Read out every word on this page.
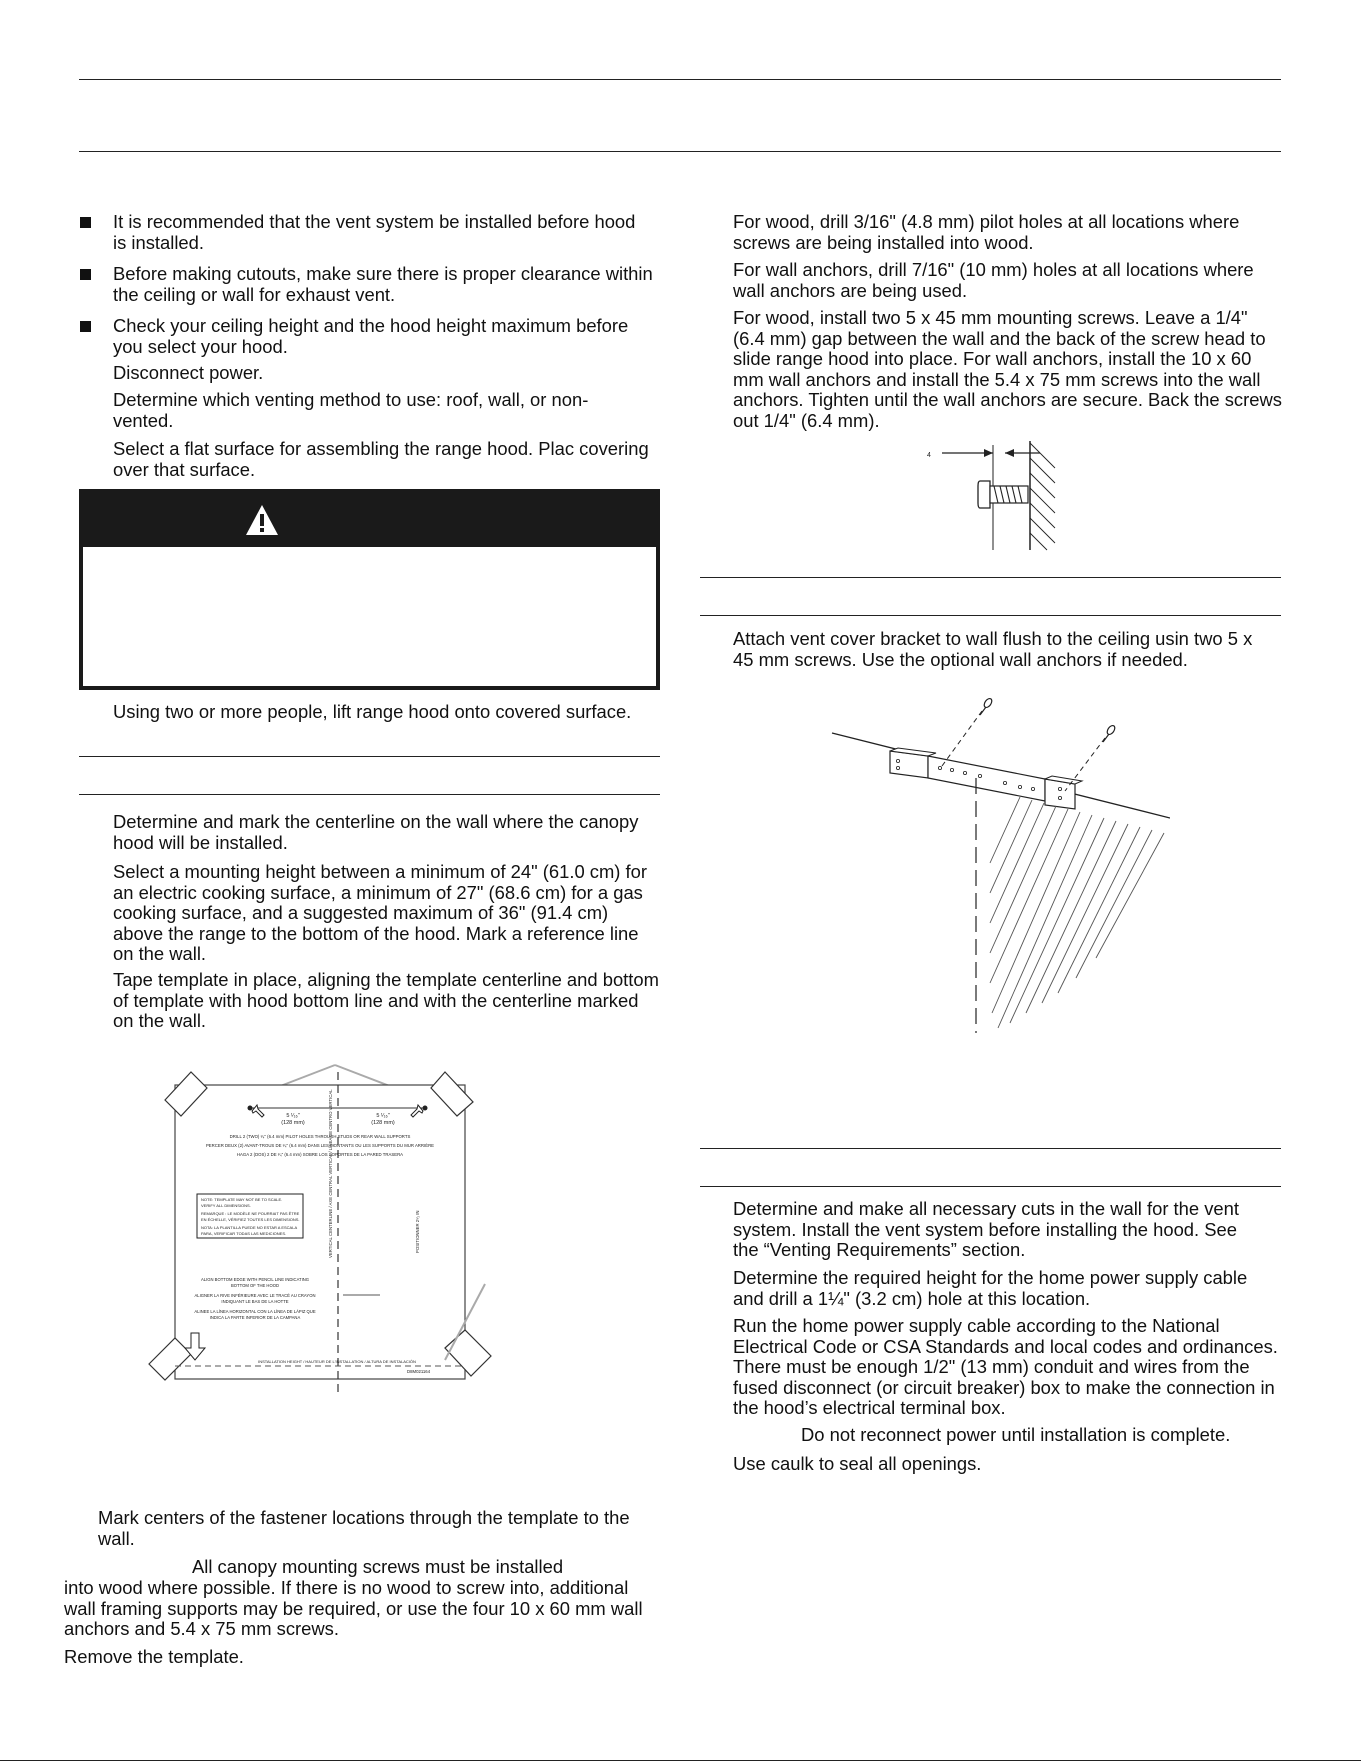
It is recommended that the vent system be installed before hood is installed.

Before making cutouts, make sure there is proper clearance within the ceiling or wall for exhaust vent.

Check your ceiling height and the hood height maximum before you select your hood.

Disconnect power.

Determine which venting method to use: roof, wall, or non-vented.

Select a flat surface for assembling the range hood. Plac covering over that surface.

Using two or more people, lift range hood onto covered surface.

Determine and mark the centerline on the wall where the canopy hood will be installed.

Select a mounting height between a minimum of 24" (61.0 cm) for an electric cooking surface, a minimum of 27" (68.6 cm) for a gas cooking surface, and a suggested maximum of 36" (91.4 cm) above the range to the bottom of the hood. Mark a reference line on the wall.

Tape template in place, aligning the template centerline and bottom of template with hood bottom line and with the centerline marked on the wall.

5 ¹⁄₁₆"
(128 mm)
5 ¹⁄₁₆"
(128 mm)
DRILL 2 (TWO) ¹⁄₄" (6.4 mm) PILOT HOLES THROUGH STUDS OR REAR WALL SUPPORTS
PERCER DEUX (2) AVANT-TROUS DE ¹⁄₄" (6.4 mm) DANS LES MONTANTS OU LES SUPPORTS DU MUR ARRIÈRE
HAGA 2 (DOS) 2 DE ¹⁄₄" (6.4 mm) SOBRE LOS SOPORTES DE LA PARED TRASERA
NOTE: TEMPLATE MAY NOT BE TO SCALE.
VERIFY ALL DIMENSIONS.
REMARQUE : LE MODÈLE NE POURRAIT PAS ÊTRE
EN ÉCHELLE, VÉRIFIEZ TOUTES LES DIMENSIONS.
NOTA: LA PLANTILLA PUEDE NO ESTAR A ESCALA
PARA, VERIFICAR TODAS LAS MEDICIONES.	VERTICAL CENTERLINE / AXE CENTRAL VERTICAL / LÍNEA DE CENTRO VERTICAL	POSITIONNER 2¹⁄₂ IN
ALIGN BOTTOM EDGE WITH PENCIL LINE INDICATING
BOTTOM OF THE HOOD
ALIGNER LA RIVE INFÉRIEURE AVEC LE TRACÉ AU CRAYON
INDIQUANT LE BAS DE LA HOTTE
ALINEE LA LÍNEA HORIZONTAL CON LA LÍNEA DE LÁPIZ QUE
INDICA LA PARTE INFERIOR DE LA CAMPANA
INSTALLATION HEIGHT / HAUTEUR DE L'INSTALLATION / ALTURA DE INSTALACIÓN
D8M021164

Mark centers of the fastener locations through the template to the wall.

All canopy mounting screws must be installed

into wood where possible. If there is no wood to screw into, additional wall framing supports may be required, or use the four 10 x 60 mm wall anchors and 5.4 x 75 mm screws.

Remove the template.

For wood, drill 3/16" (4.8 mm) pilot holes at all locations where screws are being installed into wood.

For wall anchors, drill 7/16" (10 mm) holes at all locations where wall anchors are being used.

For wood, install two 5 x 45 mm mounting screws. Leave a 1/4" (6.4 mm) gap between the wall and the back of the screw head to slide range hood into place. For wall anchors, install the 10 x 60 mm wall anchors and install the 5.4 x 75 mm screws into the wall anchors. Tighten until the wall anchors are secure. Back the screws out 1/4" (6.4 mm).

4

Attach vent cover bracket to wall flush to the ceiling usin two 5 x 45 mm screws. Use the optional wall anchors if needed.

Determine and make all necessary cuts in the wall for the vent system. Install the vent system before installing the hood. See the “Venting Requirements” section.

Determine the required height for the home power supply cable and drill a 1¼" (3.2 cm) hole at this location.

Run the home power supply cable according to the National Electrical Code or CSA Standards and local codes and ordinances. There must be enough 1/2" (13 mm) conduit and wires from the fused disconnect (or circuit breaker) box to make the connection in the hood’s electrical terminal box.

Do not reconnect power until installation is complete.

Use caulk to seal all openings.
